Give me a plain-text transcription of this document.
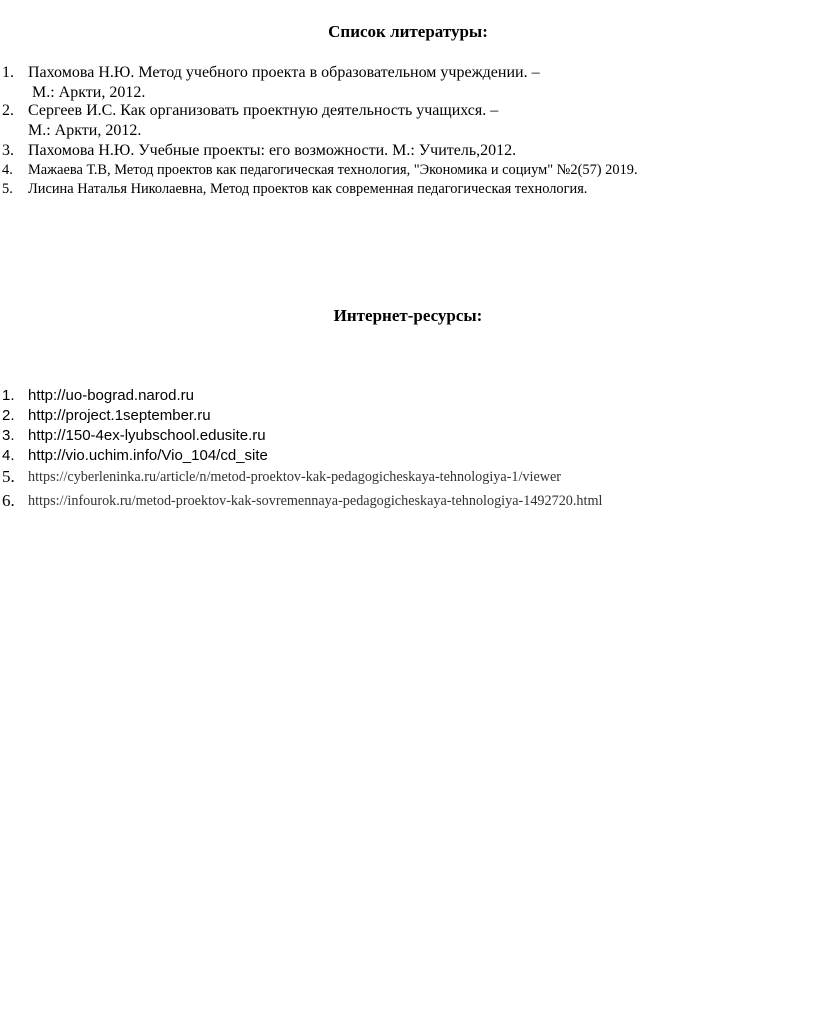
Список литературы:
1. Пахомова Н.Ю. Метод учебного проекта в образовательном учреждении. –
М.: Аркти, 2012.
2. Сергеев И.С. Как организовать проектную деятельность учащихся. –
М.: Аркти, 2012.
3. Пахомова Н.Ю. Учебные проекты: его возможности. М.: Учитель,2012.
4. Мажаева Т.В, Метод проектов как педагогическая технология, "Экономика и социум" №2(57) 2019.
5. Лисина Наталья Николаевна, Метод проектов как современная педагогическая технология.
Интернет-ресурсы:
1. http://uo-bograd.narod.ru
2. http://project.1september.ru
3. http://150-4ex-lyubschool.edusite.ru
4. http://vio.uchim.info/Vio_104/cd_site
5. https://cyberleninka.ru/article/n/metod-proektov-kak-pedagogicheskaya-tehnologiya-1/viewer
6. https://infourok.ru/metod-proektov-kak-sovremennaya-pedagogicheskaya-tehnologiya-1492720.html
